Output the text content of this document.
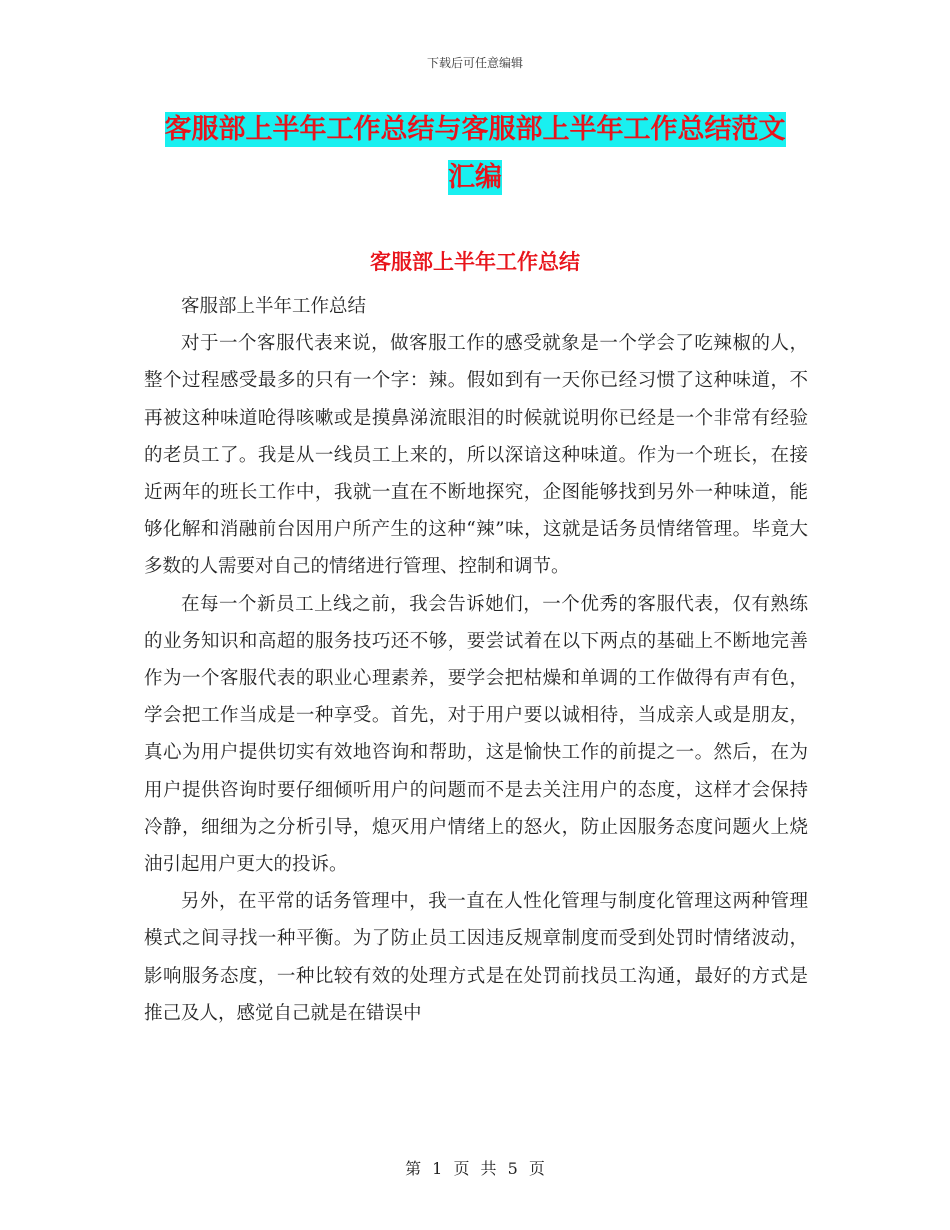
下载后可任意编辑
客服部上半年工作总结与客服部上半年工作总结范文
汇编
客服部上半年工作总结

客服部上半年工作总结

对于一个客服代表来说，做客服工作的感受就象是一个学会了吃辣椒的人，整个过程感受最多的只有一个字：辣。假如到有一天你已经习惯了这种味道，不再被这种味道呛得咳嗽或是摸鼻涕流眼泪的时候就说明你已经是一个非常有经验的老员工了。我是从一线员工上来的，所以深谙这种味道。作为一个班长，在接近两年的班长工作中，我就一直在不断地探究，企图能够找到另外一种味道，能够化解和消融前台因用户所产生的这种“辣”味，这就是话务员情绪管理。毕竟大多数的人需要对自己的情绪进行管理、控制和调节。

在每一个新员工上线之前，我会告诉她们，一个优秀的客服代表，仅有熟练的业务知识和高超的服务技巧还不够，要尝试着在以下两点的基础上不断地完善作为一个客服代表的职业心理素养，要学会把枯燥和单调的工作做得有声有色，学会把工作当成是一种享受。首先，对于用户要以诚相待，当成亲人或是朋友，真心为用户提供切实有效地咨询和帮助，这是愉快工作的前提之一。然后，在为用户提供咨询时要仔细倾听用户的问题而不是去关注用户的态度，这样才会保持冷静，细细为之分析引导，熄灭用户情绪上的怒火，防止因服务态度问题火上烧油引起用户更大的投诉。

另外，在平常的话务管理中，我一直在人性化管理与制度化管理这两种管理模式之间寻找一种平衡。为了防止员工因违反规章制度而受到处罚时情绪波动，影响服务态度，一种比较有效的处理方式是在处罚前找员工沟通，最好的方式是推己及人，感觉自己就是在错误中

第 1 页 共 5 页
